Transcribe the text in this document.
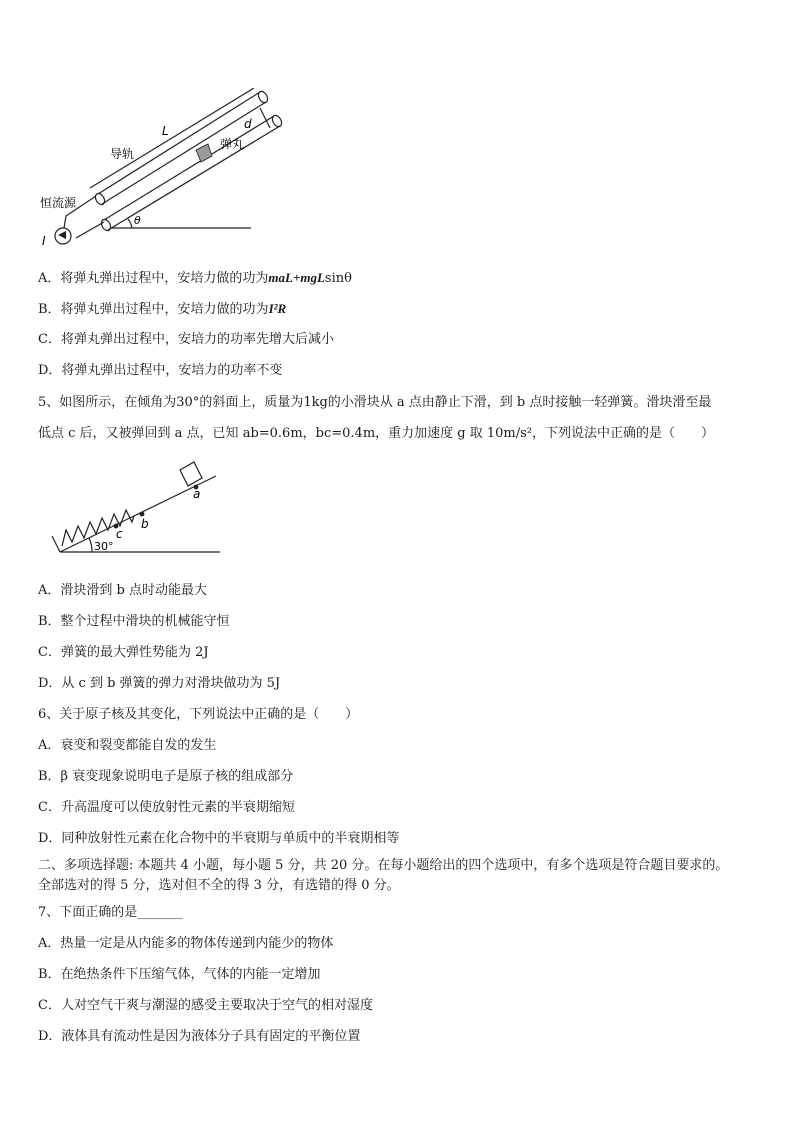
L
导轨
d
弹丸
恒流源
θ
I
A．将弹丸弹出过程中，安培力做的功为maL+mgLsinθ
B．将弹丸弹出过程中，安培力做的功为I²R
C．将弹丸弹出过程中，安培力的功率先增大后减小
D．将弹丸弹出过程中，安培力的功率不变
5、如图所示，在倾角为30°的斜面上，质量为1kg的小滑块从 a 点由静止下滑，到 b 点时接触一轻弹簧。滑块滑至最
低点 c 后，又被弹回到 a 点，已知 ab=0.6m，bc=0.4m，重力加速度 g 取 10m/s²，下列说法中正确的是（　　）
a
b
c
30°
A．滑块滑到 b 点时动能最大
B．整个过程中滑块的机械能守恒
C．弹簧的最大弹性势能为 2J
D．从 c 到 b 弹簧的弹力对滑块做功为 5J
6、关于原子核及其变化，下列说法中正确的是（　　）
A．衰变和裂变都能自发的发生
B．β 衰变现象说明电子是原子核的组成部分
C．升高温度可以使放射性元素的半衰期缩短
D．同种放射性元素在化合物中的半衰期与单质中的半衰期相等
二、多项选择题: 本题共 4 小题，每小题 5 分，共 20 分。在每小题给出的四个选项中，有多个选项是符合题目要求的。
全部选对的得 5 分，选对但不全的得 3 分，有选错的得 0 分。
7、下面正确的是_______
A．热量一定是从内能多的物体传递到内能少的物体
B．在绝热条件下压缩气体，气体的内能一定增加
C．人对空气干爽与潮湿的感受主要取决于空气的相对湿度
D．液体具有流动性是因为液体分子具有固定的平衡位置
